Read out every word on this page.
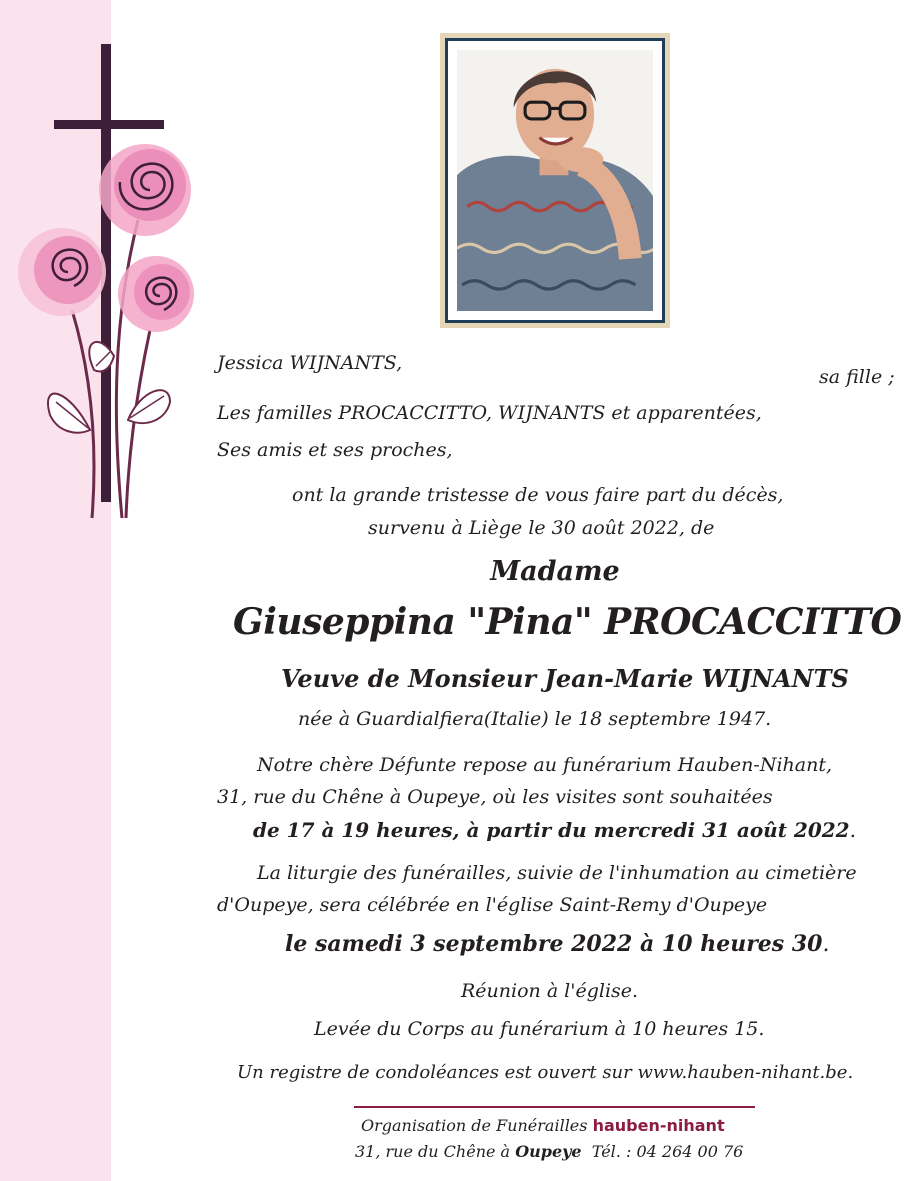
Jessica WIJNANTS,
sa fille ;
Les familles PROCACCITTO, WIJNANTS et apparentées,
Ses amis et ses proches,
ont la grande tristesse de vous faire part du décès,
survenu à Liège le 30 août 2022, de
Madame
Giuseppina "Pina" PROCACCITTO
Veuve de Monsieur Jean-Marie WIJNANTS
née à Guardialfiera(Italie) le 18 septembre 1947.
Notre chère Défunte repose au funérarium Hauben-Nihant,
31, rue du Chêne à Oupeye, où les visites sont souhaitées
de 17 à 19 heures, à partir du mercredi 31 août 2022.
La liturgie des funérailles, suivie de l'inhumation au cimetière
d'Oupeye, sera célébrée en l'église Saint-Remy d'Oupeye
le samedi 3 septembre 2022 à 10 heures 30.
Réunion à l'église.
Levée du Corps au funérarium à 10 heures 15.
Un registre de condoléances est ouvert sur www.hauben-nihant.be.
Organisation de Funérailles hauben-nihant
31, rue du Chêne à Oupeye Tél. : 04 264 00 76
